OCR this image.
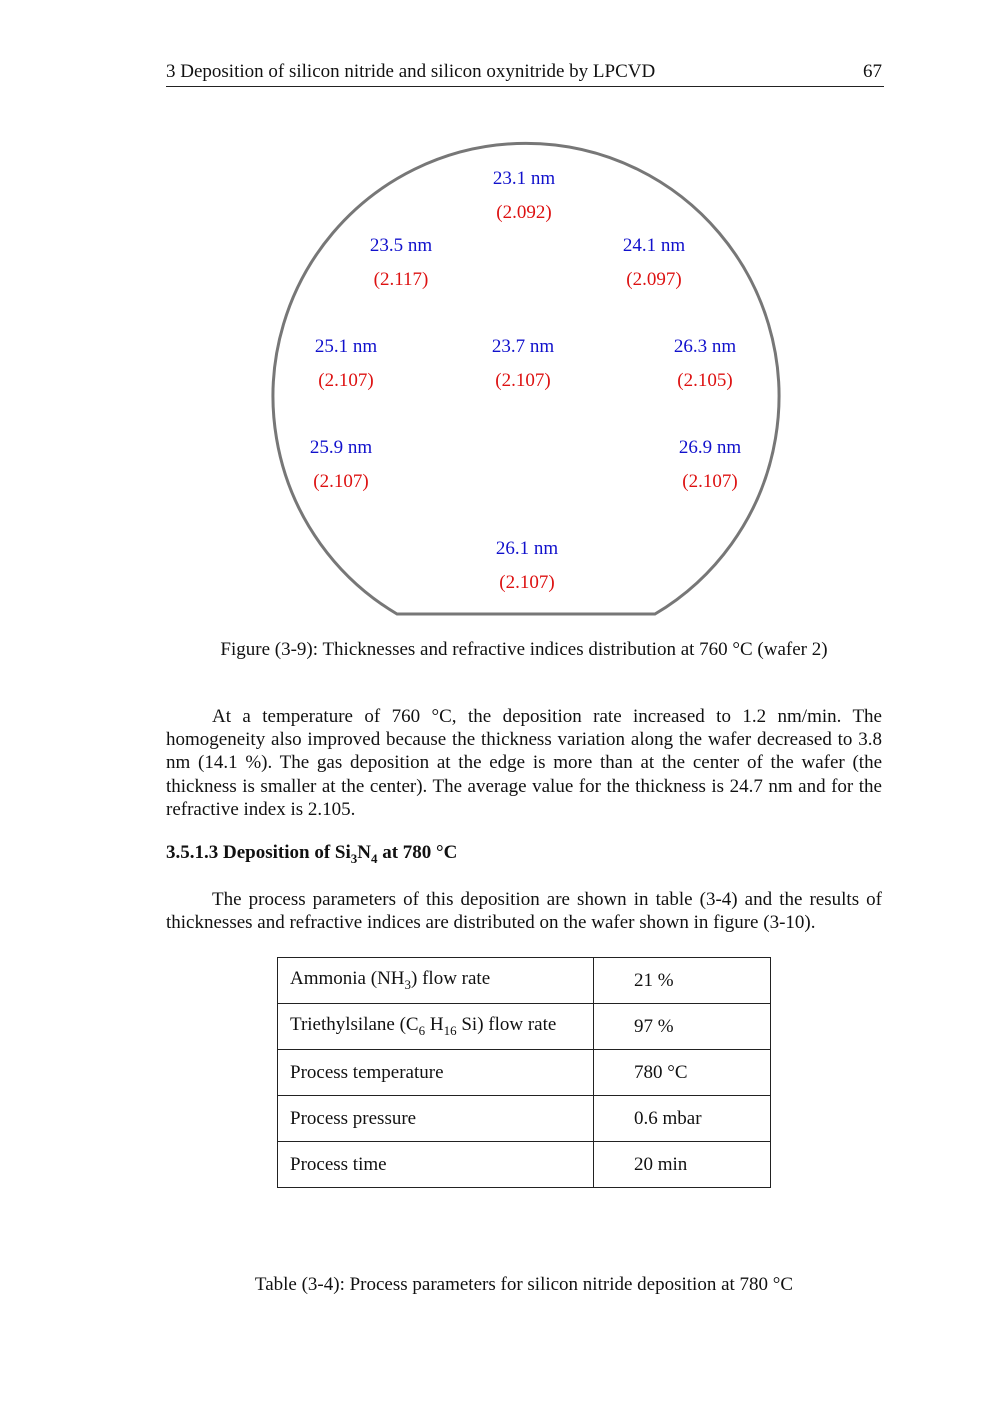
3 Deposition of silicon nitride and silicon oxynitride by LPCVD	67
23.1 nm
(2.092)
23.5 nm
(2.117)
24.1 nm
(2.097)
25.1 nm
(2.107)
23.7 nm
(2.107)
26.3 nm
(2.105)
25.9 nm
(2.107)
26.9 nm
(2.107)
26.1 nm
(2.107)
Figure (3-9): Thicknesses and refractive indices distribution at 760 °C (wafer 2)

At a temperature of 760 °C, the deposition rate increased to 1.2 nm/min. The homogeneity also improved because the thickness variation along the wafer decreased to 3.8 nm (14.1 %). The gas deposition at the edge is more than at the center of the wafer (the thickness is smaller at the center). The average value for the thickness is 24.7 nm and for the refractive index is 2.105.

3.5.1.3 Deposition of $Si_3N_4$ at 780 °C

The process parameters of this deposition are shown in table (3-4) and the results of thicknesses and refractive indices are distributed on the wafer shown in figure (3-10).

Ammonia $(NH_3)$ flow rate	21 %
Triethylsilane ($C_6$ $H_{16}$ Si) flow rate	97 %
Process temperature	780 °C
Process pressure	0.6 mbar
Process time	20 min
Table (3-4): Process parameters for silicon nitride deposition at 780 °C
